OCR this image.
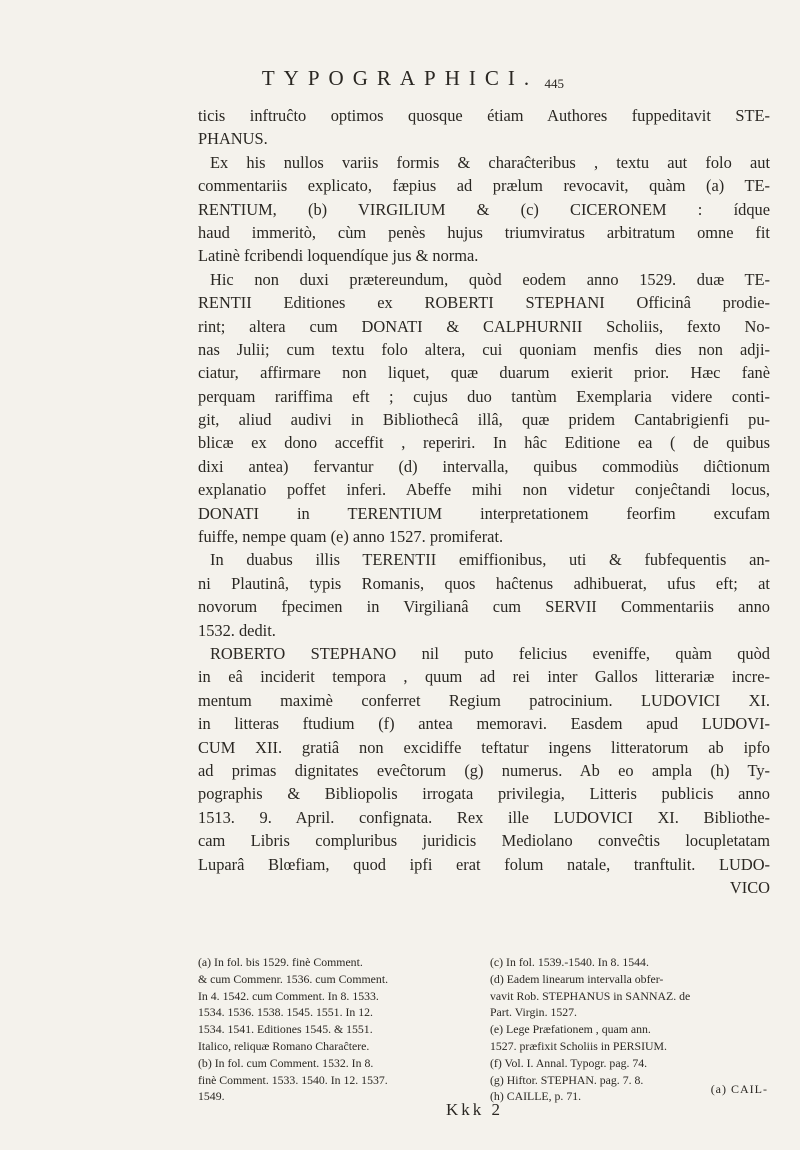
TYPOGRAPHICI. 445
ticis inftruĉto optimos quosque étiam Authores fuppeditavit STE-
PHANUS.
Ex his nullos variis formis & charaĉteribus , textu aut folo aut
commentariis explicato, fæpius ad prælum revocavit, quàm (a) TE-
RENTIUM, (b) VIRGILIUM & (c) CICERONEM : ídque
haud immeritò, cùm penès hujus triumviratus arbitratum omne fit
Latinè fcribendi loquendíque jus & norma.
Hic non duxi prætereundum, quòd eodem anno 1529. duæ TE-
RENTII Editiones ex ROBERTI STEPHANI Officinâ prodie-
rint; altera cum DONATI & CALPHURNII Scholiis, fexto No-
nas Julii; cum textu folo altera, cui quoniam menfis dies non adji-
ciatur, affirmare non liquet, quæ duarum exierit prior. Hæc fanè
perquam rariffima eft ; cujus duo tantùm Exemplaria videre conti-
git, aliud audivi in Bibliothecâ illâ, quæ pridem Cantabrigienfi pu-
blicæ ex dono acceffit , reperiri. In hâc Editione ea ( de quibus
dixi antea) fervantur (d) intervalla, quibus commodiùs diĉtionum
explanatio poffet inferi. Abeffe mihi non videtur conjeĉtandi locus,
DONATI in TERENTIUM interpretationem feorfim excufam
fuiffe, nempe quam (e) anno 1527. promiferat.
In duabus illis TERENTII emiffionibus, uti & fubfequentis an-
ni Plautinâ, typis Romanis, quos haĉtenus adhibuerat, ufus eft; at
novorum fpecimen in Virgilianâ cum SERVII Commentariis anno
1532. dedit.
ROBERTO STEPHANO nil puto felicius eveniffe, quàm quòd
in eâ inciderit tempora , quum ad rei inter Gallos litterariæ incre-
mentum maximè conferret Regium patrocinium. LUDOVICI XI.
in litteras ftudium (f) antea memoravi. Easdem apud LUDOVI-
CUM XII. gratiâ non excidiffe teftatur ingens litteratorum ab ipfo
ad primas dignitates eveĉtorum (g) numerus. Ab eo ampla (h) Ty-
pographis & Bibliopolis irrogata privilegia, Litteris publicis anno
1513. 9. April. confignata. Rex ille LUDOVICI XI. Bibliothe-
cam Libris compluribus juridicis Mediolano conveĉtis locupletatam
Luparâ Blœfiam, quod ipfi erat folum natale, tranftulit. LUDO-
VICO
(a) In fol. bis 1529. finè Comment.
& cum Commenr. 1536. cum Comment.
In 4. 1542. cum Comment. In 8. 1533.
1534. 1536. 1538. 1545. 1551. In 12.
1534. 1541. Editiones 1545. & 1551.
Italico, reliquæ Romano Charaĉtere.
(b) In fol. cum Comment. 1532. In 8.
finè Comment. 1533. 1540. In 12. 1537.
1549.
(c) In fol. 1539.-1540. In 8. 1544.
(d) Eadem linearum intervalla obfer-
vavit Rob. STEPHANUS in SANNAZ. de
Part. Virgin. 1527.
(e) Lege Præfationem , quam ann.
1527. præfixit Scholiis in PERSIUM.
(f) Vol. I. Annal. Typogr. pag. 74.
(g) Hiftor. STEPHAN. pag. 7. 8.
(h) CAILLE, p. 71.
Kkk 2
(a) CAIL-
